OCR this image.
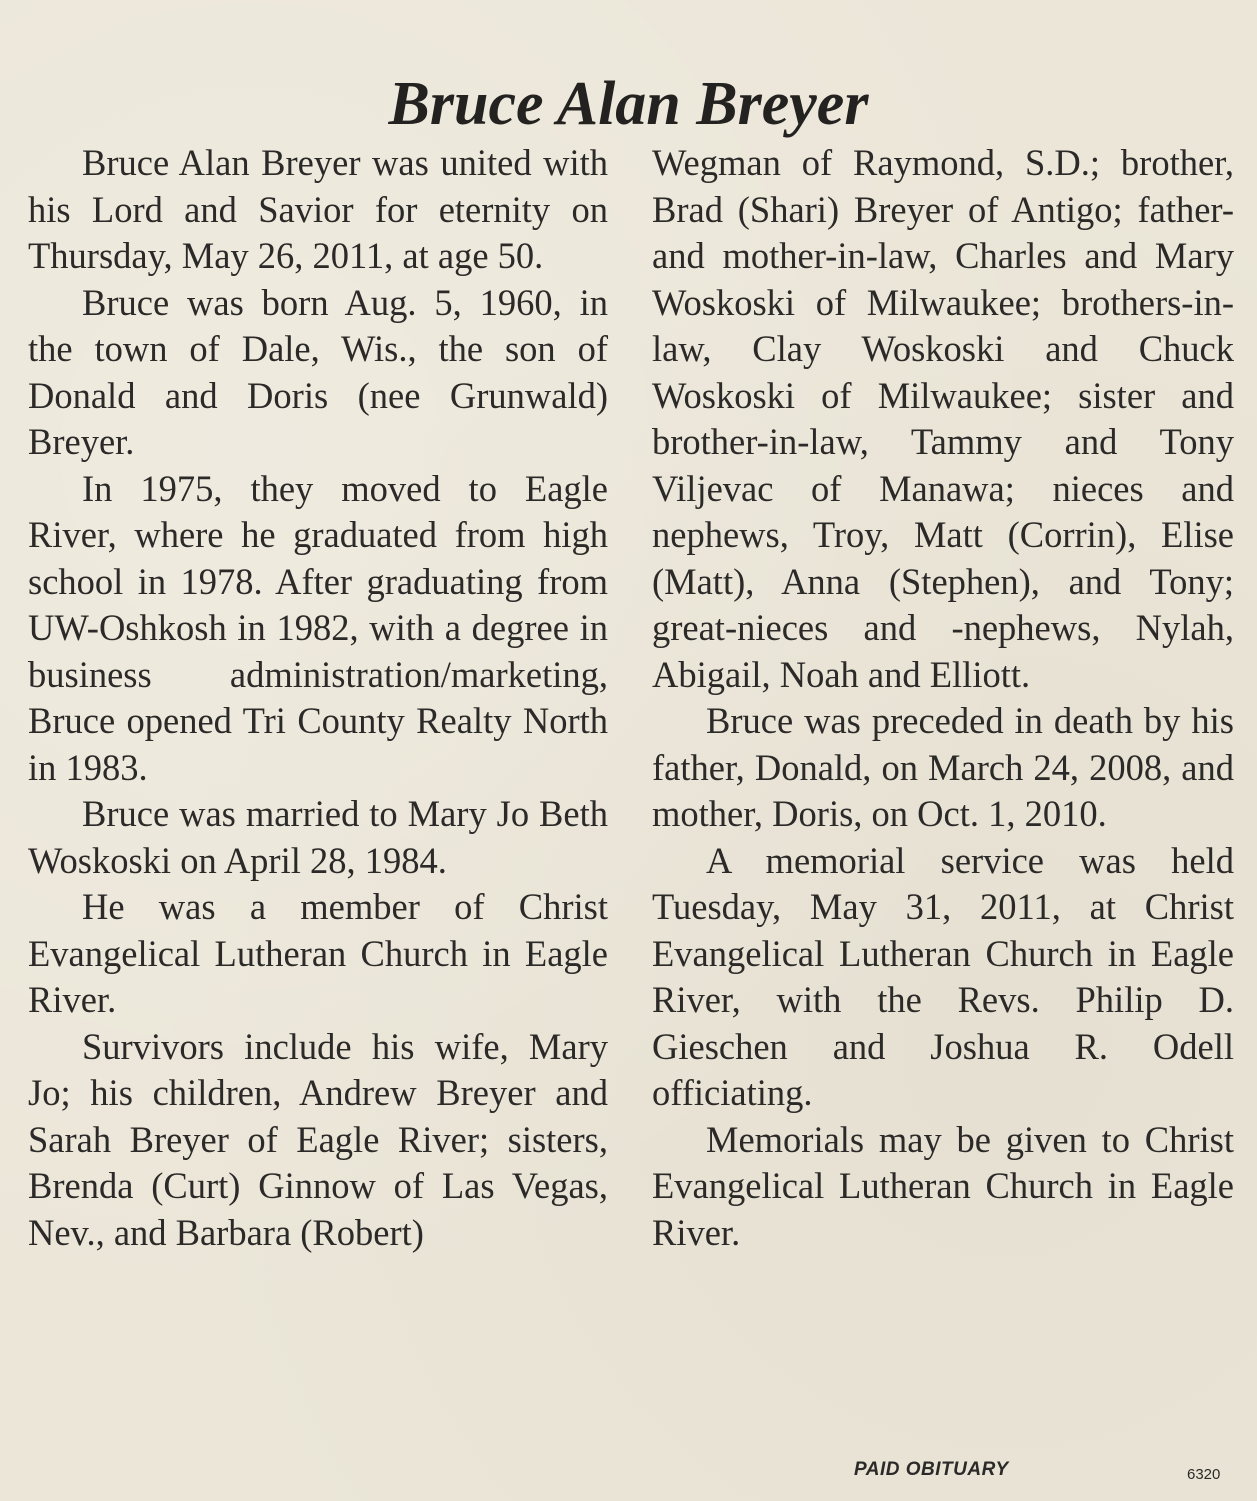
Bruce Alan Breyer

Bruce Alan Breyer was united with his Lord and Savior for eternity on Thursday, May 26, 2011, at age 50.

Bruce was born Aug. 5, 1960, in the town of Dale, Wis., the son of Donald and Doris (nee Grunwald) Breyer.

In 1975, they moved to Eagle River, where he graduated from high school in 1978. After graduating from UW-Oshkosh in 1982, with a degree in business administration/marketing, Bruce opened Tri County Realty North in 1983.

Bruce was married to Mary Jo Beth Woskoski on April 28, 1984.

He was a member of Christ Evangelical Lutheran Church in Eagle River.

Survivors include his wife, Mary Jo; his children, Andrew Breyer and Sarah Breyer of Eagle River; sisters, Brenda (Curt) Ginnow of Las Vegas, Nev., and Barbara (Robert)

Wegman of Raymond, S.D.; brother, Brad (Shari) Breyer of Antigo; father- and mother-in-law, Charles and Mary Woskoski of Milwaukee; brothers-in-law, Clay Woskoski and Chuck Woskoski of Milwaukee; sister and brother-in-law, Tammy and Tony Viljevac of Manawa; nieces and nephews, Troy, Matt (Corrin), Elise (Matt), Anna (Stephen), and Tony; great-nieces and -nephews, Nylah, Abigail, Noah and Elliott.

Bruce was preceded in death by his father, Donald, on March 24, 2008, and mother, Doris, on Oct. 1, 2010.

A memorial service was held Tuesday, May 31, 2011, at Christ Evangelical Lutheran Church in Eagle River, with the Revs. Philip D. Gieschen and Joshua R. Odell officiating.

Memorials may be given to Christ Evangelical Lutheran Church in Eagle River.

PAID OBITUARY	6320
